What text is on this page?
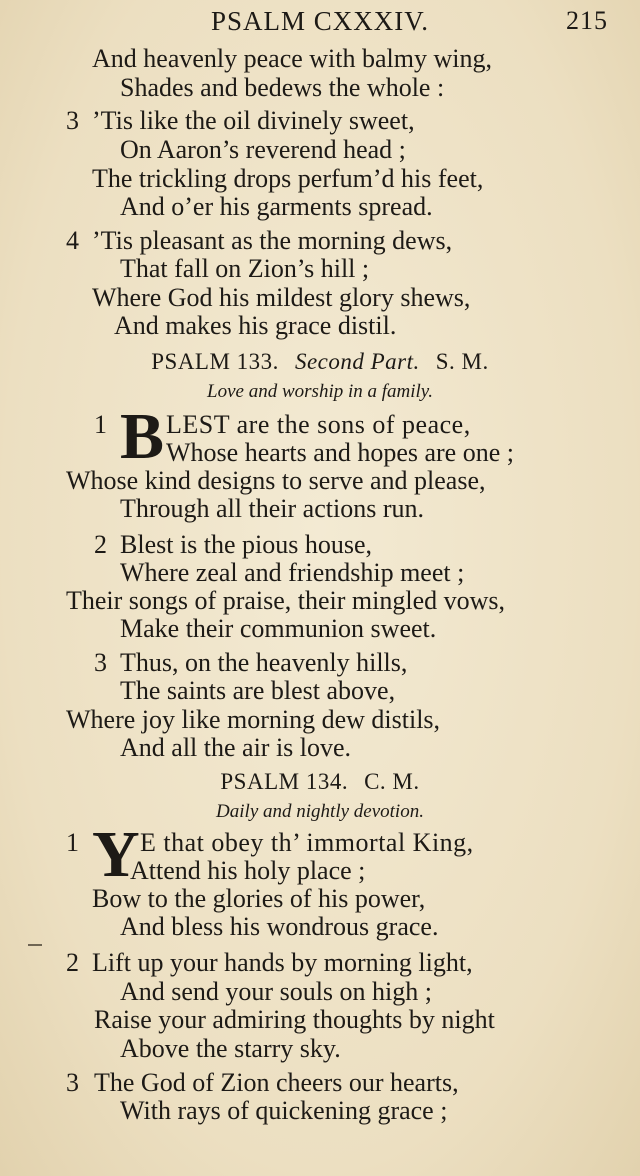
PSALM CXXXIV.	215
And heavenly peace with balmy wing,
Shades and bedews the whole :
3 ’Tis like the oil divinely sweet,
On Aaron’s reverend head ;
The trickling drops perfum’d his feet,
And o’er his garments spread.
4 ’Tis pleasant as the morning dews,
That fall on Zion’s hill ;
Where God his mildest glory shews,
And makes his grace distil.
PSALM 133. Second Part. S. M.
Love and worship in a family.
1 B LEST are the sons of peace,
Whose hearts and hopes are one ;
Whose kind designs to serve and please,
Through all their actions run.
2 Blest is the pious house,
Where zeal and friendship meet ;
Their songs of praise, their mingled vows,
Make their communion sweet.
3 Thus, on the heavenly hills,
The saints are blest above,
Where joy like morning dew distils,
And all the air is love.
PSALM 134. C. M.
Daily and nightly devotion.
1 Y E that obey th’ immortal King,
Attend his holy place ;
Bow to the glories of his power,
And bless his wondrous grace.
2 Lift up your hands by morning light,
And send your souls on high ;
Raise your admiring thoughts by night
Above the starry sky.
3 The God of Zion cheers our hearts,
With rays of quickening grace ;
